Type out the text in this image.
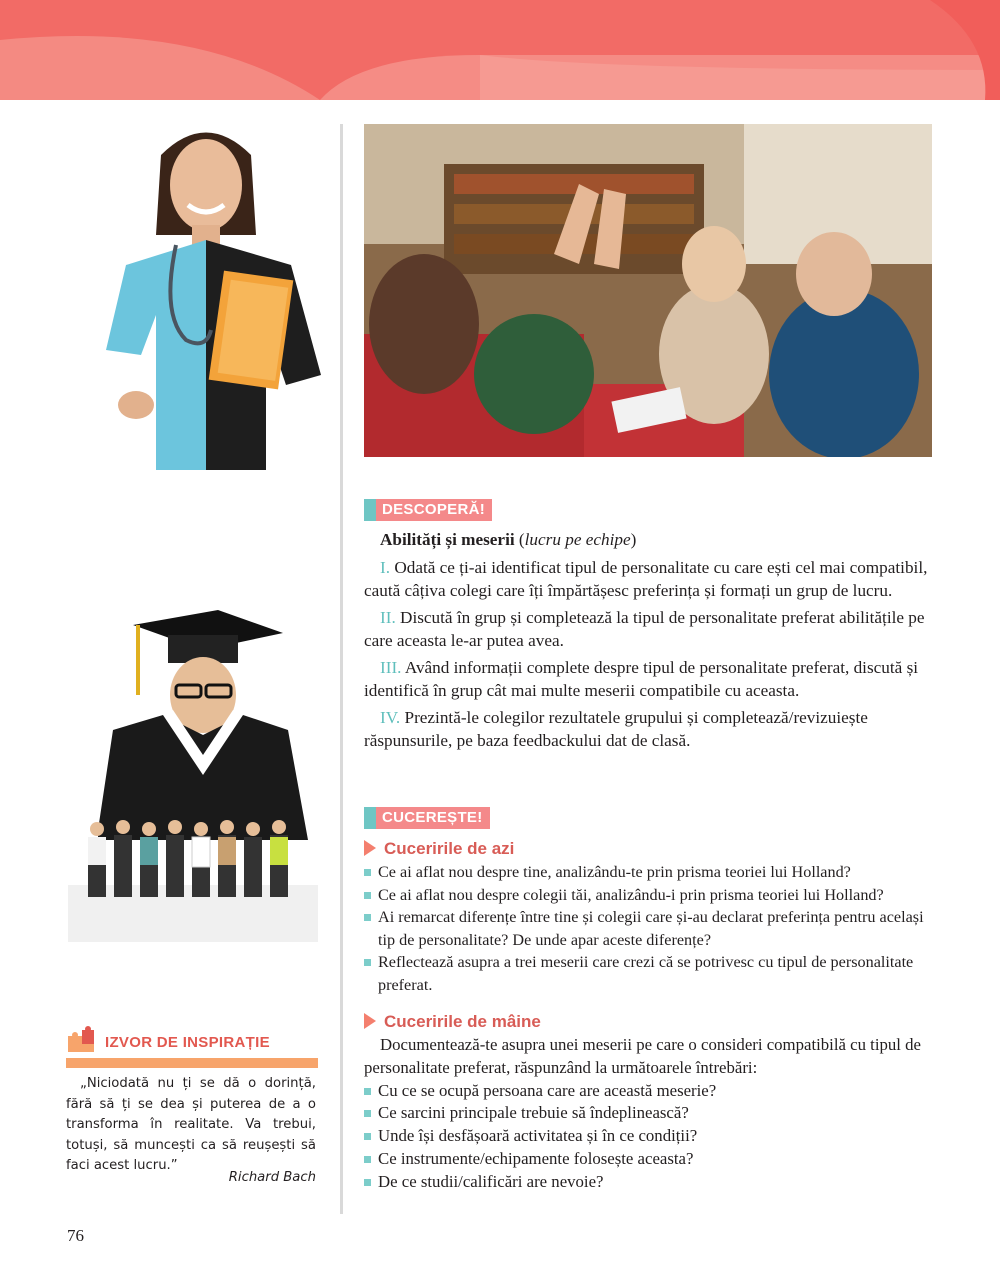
DESCOPERĂ!

Abilități și meserii (lucru pe echipe)

I. Odată ce ți-ai identificat tipul de personalitate cu care ești cel mai compatibil, caută câțiva colegi care îți împărtășesc preferința și formați un grup de lucru.

II. Discută în grup și completează la tipul de personalitate preferat abilitățile pe care aceasta le-ar putea avea.

III. Având informații complete despre tipul de personalitate preferat, discută și identifică în grup cât mai multe meserii compatibile cu aceasta.

IV. Prezintă-le colegilor rezultatele grupului și completează/revizuiește răspunsurile, pe baza feedbackului dat de clasă.

CUCEREȘTE!
Cuceririle de azi

Ce ai aflat nou despre tine, analizându-te prin prisma teoriei lui Holland?

Ce ai aflat nou despre colegii tăi, analizându-i prin prisma teoriei lui Holland?

Ai remarcat diferențe între tine și colegii care și-au declarat preferința pentru același tip de personalitate? De unde apar aceste diferențe?

Reflectează asupra a trei meserii care crezi că se potrivesc cu tipul de personalitate preferat.

Cuceririle de mâine

Documentează-te asupra unei meserii pe care o consideri compatibilă cu tipul de personalitate preferat, răspunzând la următoarele întrebări:

Cu ce se ocupă persoana care are această meserie?

Ce sarcini principale trebuie să îndeplinească?

Unde își desfășoară activitatea și în ce condiții?

Ce instrumente/echipamente folosește aceasta?

De ce studii/calificări are nevoie?

IZVOR DE INSPIRAȚIE
„Niciodată nu ți se dă o dorință, fără să ți se dea și puterea de a o transforma în realitate. Va trebui, totuși, să muncești ca să reușești să faci acest lucru.”
Richard Bach
76
